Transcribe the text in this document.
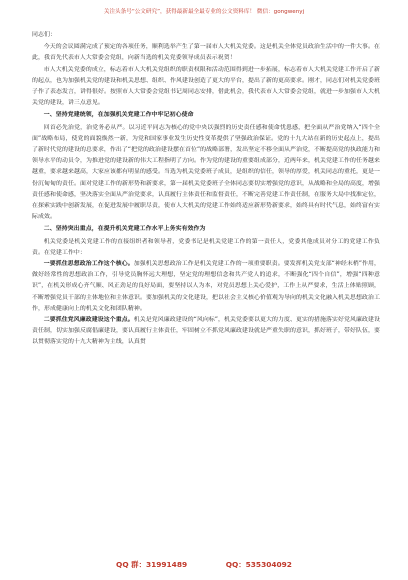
关注头条号“公文研究”，获得最新最全最专业的公文资料库！ 微信：gongwenyj

同志们：

今天的会议圆满完成了预定的各项任务，顺利选举产生了第一届市人大机关党委。这是机关全体党员政治生活中的一件大事。在此，我首先代表市人大常委会党组，向新当选的机关党委领导成员表示祝贺！

市人大机关党委的成立，标志着市人大机关党组织的职责权限和活动范围得到进一步拓展，标志着市人大机关党建工作开启了新的起点，也为加强机关党的建设和机关思想、组织、作风建设创造了更大的平台，提出了新的更高要求。刚才，同志们对机关党委班子作了表态发言，讲得很好。按照市人大常委会党组书记周同志安排，借此机会，我代表市人大常委会党组，就进一步加强市人大机关党的建设，讲三点意见。

一、坚持党建统领，在加强机关党建工作中牢记初心使命

回首必先治党，治党务必从严。以习近平同志为核心的党中央以强烈的历史责任感和使命忧患感，把全面从严治党纳入“四个全面”战略布局，使党的面貌焕然一新，为党和国家事业发生历史性变革提供了坚强政治保证。党的十九大站在新的历史起点上，提出了新时代党的建设的总要求，作出了“把党的政治建设摆在首位”的战略部署，发出坚定不移全面从严治党，不断提高党的执政能力和领导水平的动员令，为推进党的建设新的伟大工程指明了方向。作为党的建设的重要组成部分，近两年来，机关党建工作的任务越来越重，要求越来越高，大家应该都有明显的感受。当选为机关党委班子成员，是组织的信任，领导的厚爱，机关同志的重托，更是一份沉甸甸的责任。面对党建工作的新形势和新要求，第一届机关党委班子全体同志要切实增强党的意识，从战略和全局的高度，增强责任感和使命感，坚决落实全面从严治党要求，认真履行主体责任和监督责任，不断完善党建工作责任制，在服务大局中找准定位，在探索实践中创新发展，在促进发展中履职尽责，使市人大机关的党建工作始终适应新形势新要求，始终具有时代气息，始终富有实际成效。

二、坚持突出重点，在提升机关党建工作水平上务实有效作为

机关党委是机关党建工作的直接组织者和领导者，党委书记是机关党建工作的第一责任人，党委其他成员对分工的党建工作负责。在党建工作中：

一要抓住思想政治工作这个核心。加强机关思想政治工作是机关党建工作的一项重要职责。要发挥机关党支部“神经末梢”作用，做好经常性的思想政治工作，引导党员胸怀远大理想，坚定党的理想信念和共产党人的追求，不断强化“四个自信”，增强“四种意识”，在机关形成心齐气顺、风正劲足的良好局面，要坚持以人为本，对党员思想上关心爱护，工作上从严要求，生活上体贴照顾，不断增强党员干部的主体地位和主体意识。要加强机关的文化建设，把以社会主义核心价值观为导向的机关文化融入机关思想政治工作，形成健康向上的机关文化和团队精神。

二要抓住党风廉政建设这个重点。机关是党风廉政建设的“风向标”，机关党委要以更大的力度、更实的措施落实好党风廉政建设责任制，切实加强反腐倡廉建设，要认真履行主体责任，牢固树立不抓党风廉政建设就是严重失职的意识，抓好班子，带好队伍，要以贯彻落实党的十九大精神为主线，认真贯

QQ 群：31991489	QQ：535304092
